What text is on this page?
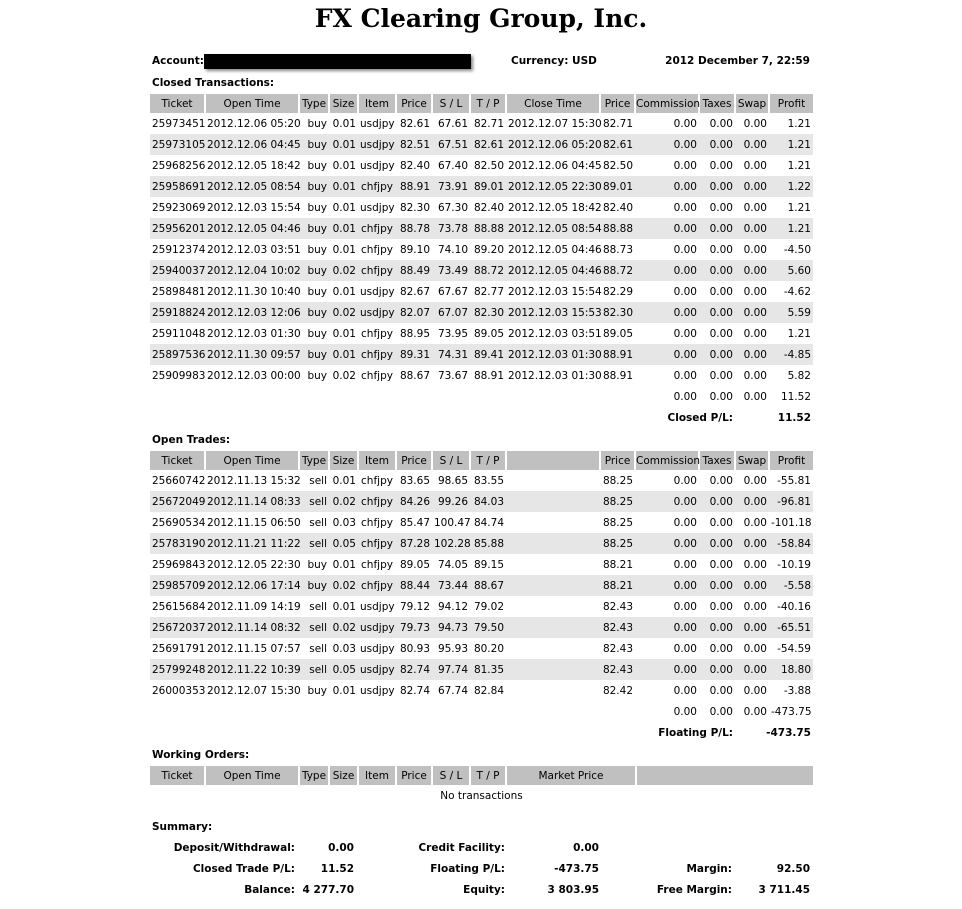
FX Clearing Group, Inc.
Account:	Currency: USD	2012 December 7, 22:59
Closed Transactions:
Ticket	Open Time	Type	Size	Item	Price	S / L	T / P	Close Time	Price	Commission	Taxes	Swap	Profit
25973451	2012.12.06 05:20	buy	0.01	usdjpy	82.61	67.61	82.71	2012.12.07 15:30	82.71	0.00	0.00	0.00	1.21
25973105	2012.12.06 04:45	buy	0.01	usdjpy	82.51	67.51	82.61	2012.12.06 05:20	82.61	0.00	0.00	0.00	1.21
25968256	2012.12.05 18:42	buy	0.01	usdjpy	82.40	67.40	82.50	2012.12.06 04:45	82.50	0.00	0.00	0.00	1.21
25958691	2012.12.05 08:54	buy	0.01	chfjpy	88.91	73.91	89.01	2012.12.05 22:30	89.01	0.00	0.00	0.00	1.22
25923069	2012.12.03 15:54	buy	0.01	usdjpy	82.30	67.30	82.40	2012.12.05 18:42	82.40	0.00	0.00	0.00	1.21
25956201	2012.12.05 04:46	buy	0.01	chfjpy	88.78	73.78	88.88	2012.12.05 08:54	88.88	0.00	0.00	0.00	1.21
25912374	2012.12.03 03:51	buy	0.01	chfjpy	89.10	74.10	89.20	2012.12.05 04:46	88.73	0.00	0.00	0.00	-4.50
25940037	2012.12.04 10:02	buy	0.02	chfjpy	88.49	73.49	88.72	2012.12.05 04:46	88.72	0.00	0.00	0.00	5.60
25898481	2012.11.30 10:40	buy	0.01	usdjpy	82.67	67.67	82.77	2012.12.03 15:54	82.29	0.00	0.00	0.00	-4.62
25918824	2012.12.03 12:06	buy	0.02	usdjpy	82.07	67.07	82.30	2012.12.03 15:53	82.30	0.00	0.00	0.00	5.59
25911048	2012.12.03 01:30	buy	0.01	chfjpy	88.95	73.95	89.05	2012.12.03 03:51	89.05	0.00	0.00	0.00	1.21
25897536	2012.11.30 09:57	buy	0.01	chfjpy	89.31	74.31	89.41	2012.12.03 01:30	88.91	0.00	0.00	0.00	-4.85
25909983	2012.12.03 00:00	buy	0.02	chfjpy	88.67	73.67	88.91	2012.12.03 01:30	88.91	0.00	0.00	0.00	5.82
										0.00	0.00	0.00	11.52
									Closed P/L:			11.52	
Open Trades:
Ticket	Open Time	Type	Size	Item	Price	S / L	T / P		Price	Commission	Taxes	Swap	Profit
25660742	2012.11.13 15:32	sell	0.01	chfjpy	83.65	98.65	83.55		88.25	0.00	0.00	0.00	-55.81
25672049	2012.11.14 08:33	sell	0.02	chfjpy	84.26	99.26	84.03		88.25	0.00	0.00	0.00	-96.81
25690534	2012.11.15 06:50	sell	0.03	chfjpy	85.47	100.47	84.74		88.25	0.00	0.00	0.00	-101.18
25783190	2012.11.21 11:22	sell	0.05	chfjpy	87.28	102.28	85.88		88.25	0.00	0.00	0.00	-58.84
25969843	2012.12.05 22:30	buy	0.01	chfjpy	89.05	74.05	89.15		88.21	0.00	0.00	0.00	-10.19
25985709	2012.12.06 17:14	buy	0.02	chfjpy	88.44	73.44	88.67		88.21	0.00	0.00	0.00	-5.58
25615684	2012.11.09 14:19	sell	0.01	usdjpy	79.12	94.12	79.02		82.43	0.00	0.00	0.00	-40.16
25672037	2012.11.14 08:32	sell	0.02	usdjpy	79.73	94.73	79.50		82.43	0.00	0.00	0.00	-65.51
25691791	2012.11.15 07:57	sell	0.03	usdjpy	80.93	95.93	80.20		82.43	0.00	0.00	0.00	-54.59
25799248	2012.11.22 10:39	sell	0.05	usdjpy	82.74	97.74	81.35		82.43	0.00	0.00	0.00	18.80
26000353	2012.12.07 15:30	buy	0.01	usdjpy	82.74	67.74	82.84		82.42	0.00	0.00	0.00	-3.88
										0.00	0.00	0.00	-473.75
									Floating P/L:			-473.75	
Working Orders:
Ticket	Open Time	Type	Size	Item	Price	S / L	T / P	Market Price	
No transactions
Summary:
Deposit/Withdrawal:	0.00	Credit Facility:	0.00
Closed Trade P/L: 11.52	Floating P/L:	-473.75	Margin:	92.50
Balance: 4 277.70	Equity:	3 803.95	Free Margin:	3 711.45
